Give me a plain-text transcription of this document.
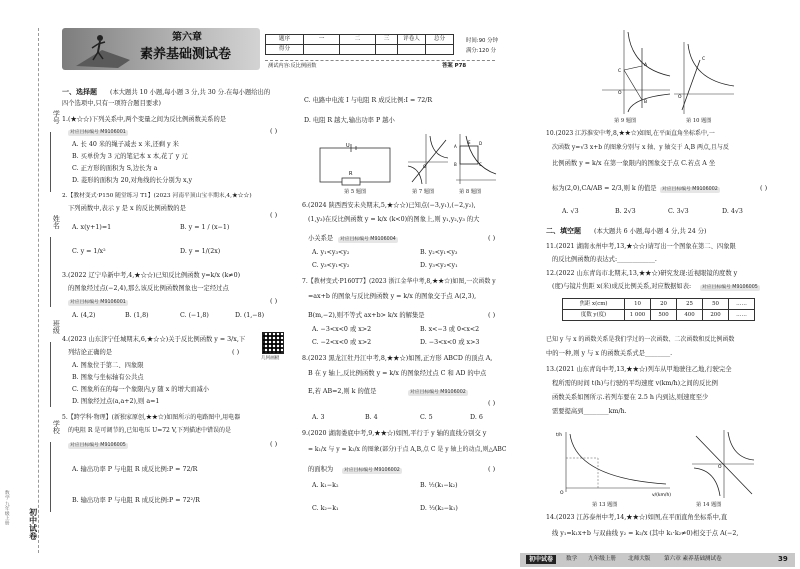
学号
姓名
班级
学校
初中试卷
数学 九年级上册
第六章
素养基础测试卷
题序	一	二	三	评卷人	总分
得分					
时间:90 分钟
满分:120 分
测试内容:反比例函数	答案 P78
一、选择题 (本大题共 10 小题,每小题 3 分,共 30 分.在每小题给出的
四个选项中,只有一项符合题目要求)
1.(★☆☆)下列关系中,两个变量之间为反比例函数关系的是
对应目标编号 M9106001	( )
A. 长 40 米的绳子减去 x 米,还剩 y 米
B. 买单价为 3 元的笔记本 x 本,花了 y 元
C. 正方形的面积为 S,边长为 a
D. 菱形的面积为 20,对角线的长分别为 x,y
2.【教材变式·P150 随堂练习 T1】(2023 河南平顶山宝丰期末,4,★☆☆)
下列函数中,表示 y 是 x 的反比例函数的是
( )
A. x(y+1)=1	B. y = 1 / (x−1)
C. y = 1/x²	D. y = 1/(2x)
3.(2022 辽宁阜新中考,4,★☆☆)已知反比例函数 y=k/x (k≠0)
的图象经过点(−2,4),那么该反比例函数图象也一定经过点
对应目标编号 M9106001	( )
A. (4,2)	B. (1,8)	C. (−1,8)	D. (1,−8)
4.(2023 山东济宁任城期末,6,★☆☆)关于反比例函数 y = 3/x,下
列结论正确的是	( )
几何画板
A. 图象位于第二、四象限
B. 图象与坐标轴有公共点
C. 图象所在的每一个象限内,y 随 x 的增大而减小
D. 图象经过点(a,a+2),则 a=1
5.【跨学科·物理】(新独家原创,★★☆)如图所示的电路图中,用电器
的电阻 R 是可调节的,已知电压 U=72 V,下列描述中错误的是
对应目标编号 M9106005	( )
A. 输出功率 P 与电阻 R 成反比例:P = 72/R
B. 输出功率 P 与电阻 R 成反比例:P = 72²/R
C. 电路中电流 I 与电阻 R 成反比例:I = 72/R
D. 电阻 R 越大,输出功率 P 越小
U
R
第 5 题图
O
第 7 题图
A
B	C
D
E
第 8 题图
6.(2024 陕西西安未央期末,5,★☆☆)已知点(−3,y₁),(−2,y₂),
(1,y₃)在反比例函数 y = k/x (k<0)的图象上,则 y₁,y₂,y₃ 的大
小关系是	对应目标编号 M9106004	( )
A. y₁<y₃<y₂	B. y₂<y₁<y₃
C. y₃<y₁<y₂	D. y₃<y₂<y₁
7.【教材变式·P160T7】(2023 浙江金华中考,8,★★☆)如图,一次函数 y
=ax+b 的图象与反比例函数 y = k/x 的图象交于点 A(2,3),
B(m,−2),则不等式 ax+b> k/x 的解集是	( )
A. −3<x<0 或 x>2	B. x<−3 或 0<x<2
C. −2<x<0 或 x>2	D. −3<x<0 或 x>3
8.(2023 黑龙江牡丹江中考,8,★★☆)如图,正方形 ABCD 的顶点 A,
B 在 y 轴上,反比例函数 y = k/x 的图象经过点 C 和 AD 的中点
E,若 AB=2,则 k 的值是	对应目标编号 M9106002
( )
A. 3	B. 4	C. 5	D. 6
9.(2020 湖南娄底中考,9,★★☆)如图,平行于 y 轴的直线分别交 y
= k₁/x 与 y = k₂/x 的图象(部分)于点 A,B,点 C 是 y 轴上的动点,则△ABC
的面积为	对应目标编号 M9106002	( )
A. k₁−k₂	B. ½(k₁−k₂)
C. k₂−k₁	D. ½(k₂−k₁)
O
A
B
C
第 9 题图
O
C
第 10 题图
10.(2023 江苏淮安中考,8,★★☆)如图,在平面直角坐标系中,一
次函数 y=√3 x+b 的图象分别与 x 轴、y 轴交于 A,B 两点,且与反
比例函数 y = k/x 在第一象限内的图象交于点 C.若点 A 坐
标为(2,0),CA/AB = 2/3,则 k 的值是	对应目标编号 M9106002	( )
A. √3	B. 2√3	C. 3√3	D. 4√3
二、填空题 (本大题共 6 小题,每小题 4 分,共 24 分)
11.(2021 湖南永州中考,13,★☆☆)请写出一个图象在第二、四象限
的反比例函数的表达式:____________.
12.(2022 山东青岛市北期末,13,★★☆)研究发现:近视眼镜的度数 y
(度)与镜片焦距 x(米)成反比例关系,对应数据如表:	对应目标编号 M9106005
焦距 x(cm)	10	20	25	50	……
度数 y(度)	1 000	500	400	200	……
已知 y 与 x 的函数关系是我们学过的一次函数、二次函数和反比例函数
中的一种,则 y 与 x 的函数关系式是________.
13.(2021 山东青岛中考,13,★★☆)列车从甲地驶往乙地,行驶完全
程所需的时间 t(h)与行驶的平均速度 v(km/h)之间的反比例
函数关系如图所示.若列车要在 2.5 h 内到达,则速度至少
需要提高到________km/h.
t/h
v/(km/h)
O
第 13 题图
O
第 14 题图
14.(2023 江苏泰州中考,14,★★☆)如图,在平面直角坐标系中,直
线 y₁=k₁x+b 与双曲线 y₂ = k₂/x (其中 k₁·k₂≠0)相交于点 A(−2,
初中试卷	数学 九年级上册 北师大版 第六章 素养基础测试卷	39
